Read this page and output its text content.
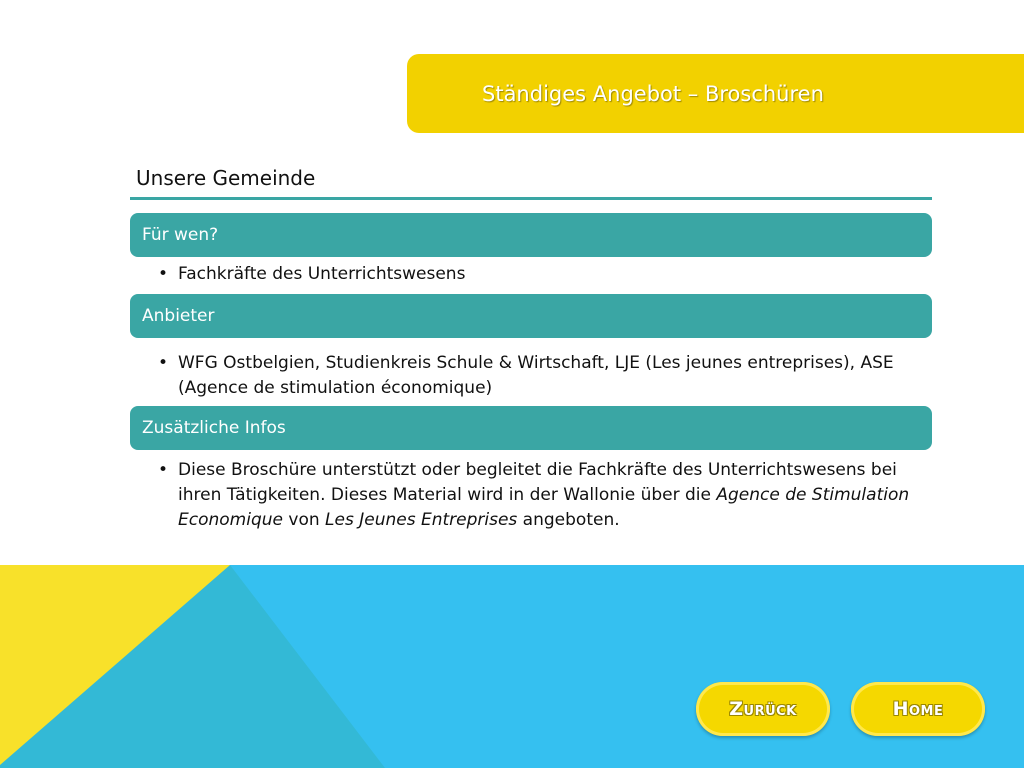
Ständiges Angebot – Broschüren
Unsere Gemeinde
Für wen?
• Fachkräfte des Unterrichtswesens
Anbieter
• WFG Ostbelgien, Studienkreis Schule & Wirtschaft, LJE (Les jeunes entreprises), ASE (Agence de stimulation économique)
Zusätzliche Infos
• Diese Broschüre unterstützt oder begleitet die Fachkräfte des Unterrichtswesens bei ihren Tätigkeiten. Dieses Material wird in der Wallonie über die Agence de Stimulation Economique von Les Jeunes Entreprises angeboten.
Zurück	Home
